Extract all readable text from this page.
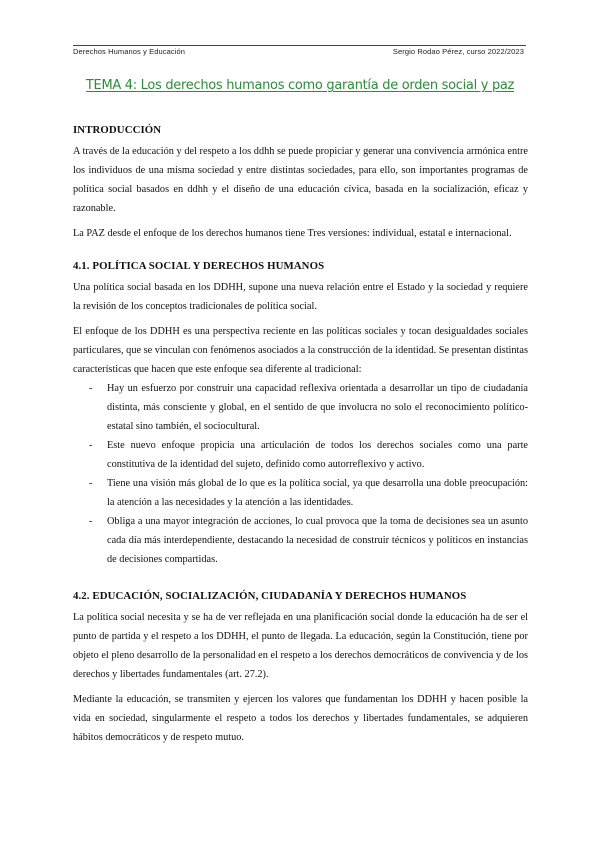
Derechos Humanos y Educación	Sergio Rodao Pérez, curso 2022/2023
TEMA 4: Los derechos humanos como garantía de orden social y paz
INTRODUCCIÓN

A través de la educación y del respeto a los ddhh se puede propiciar y generar una convivencia armónica entre los individuos de una misma sociedad y entre distintas sociedades, para ello, son importantes programas de política social basados en ddhh y el diseño de una educación cívica, basada en la socialización, eficaz y razonable.

La PAZ desde el enfoque de los derechos humanos tiene Tres versiones: individual, estatal e internacional.

4.1. POLÍTICA SOCIAL Y DERECHOS HUMANOS

Una política social basada en los DDHH, supone una nueva relación entre el Estado y la sociedad y requiere la revisión de los conceptos tradicionales de política social.

El enfoque de los DDHH es una perspectiva reciente en las políticas sociales y tocan desigualdades sociales particulares, que se vinculan con fenómenos asociados a la construcción de la identidad. Se presentan distintas características que hacen que este enfoque sea diferente al tradicional:

- Hay un esfuerzo por construir una capacidad reflexiva orientada a desarrollar un tipo de ciudadanía distinta, más consciente y global, en el sentido de que involucra no solo el reconocimiento político-estatal sino también, el sociocultural.
- Este nuevo enfoque propicia una articulación de todos los derechos sociales como una parte constitutiva de la identidad del sujeto, definido como autorreflexivo y activo.
- Tiene una visión más global de lo que es la política social, ya que desarrolla una doble preocupación: la atención a las necesidades y la atención a las identidades.
- Obliga a una mayor integración de acciones, lo cual provoca que la toma de decisiones sea un asunto cada día más interdependiente, destacando la necesidad de construir técnicos y políticos en instancias de decisiones compartidas.
4.2. EDUCACIÓN, SOCIALIZACIÓN, CIUDADANÍA Y DERECHOS HUMANOS

La política social necesita y se ha de ver reflejada en una planificación social donde la educación ha de ser el punto de partida y el respeto a los DDHH, el punto de llegada. La educación, según la Constitución, tiene por objeto el pleno desarrollo de la personalidad en el respeto a los derechos democráticos de convivencia y de los derechos y libertades fundamentales (art. 27.2).

Mediante la educación, se transmiten y ejercen los valores que fundamentan los DDHH y hacen posible la vida en sociedad, singularmente el respeto a todos los derechos y libertades fundamentales, se adquieren hábitos democráticos y de respeto mutuo.
